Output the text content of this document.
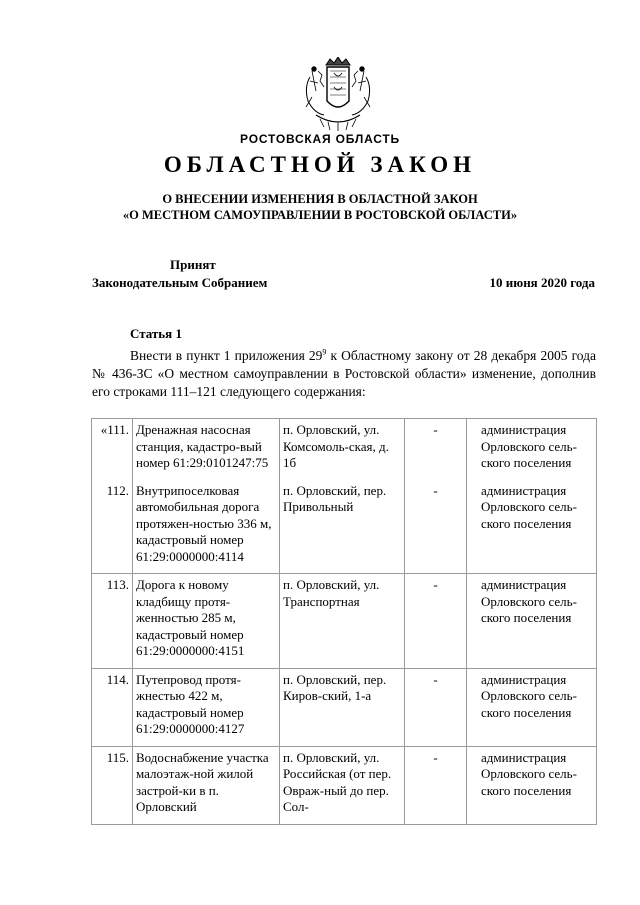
РОСТОВСКАЯ ОБЛАСТЬ
ОБЛАСТНОЙ ЗАКОН
О ВНЕСЕНИИ ИЗМЕНЕНИЯ В ОБЛАСТНОЙ ЗАКОН
«О МЕСТНОМ САМОУПРАВЛЕНИИ В РОСТОВСКОЙ ОБЛАСТИ»
Принят
Законодательным Собранием	10 июня 2020 года
Статья 1
Внести в пункт 1 приложения $29^9$ к Областному закону от 28 декабря 2005 года № 436-ЗС «О местном самоуправлении в Ростовской области» изменение, дополнив его строками 111–121 следующего содержания:
«111.	Дренажная насосная станция, кадастро-вый номер 61:29:0101247:75	п. Орловский, ул. Комсомоль-ская, д. 1б	-	администрация Орловского сель-ского поселения
112.	Внутрипоселковая автомобильная дорога протяжен-ностью 336 м, кадастровый номер 61:29:0000000:4114	п. Орловский, пер. Привольный	-	администрация Орловского сель-ского поселения
113.	Дорога к новому кладбищу протя-женностью 285 м, кадастровый номер 61:29:0000000:4151	п. Орловский, ул. Транспортная	-	администрация Орловского сель-ского поселения
114.	Путепровод протя-жнестью 422 м, кадастровый номер 61:29:0000000:4127	п. Орловский, пер. Киров-ский, 1-а	-	администрация Орловского сель-ского поселения
115.	Водоснабжение участка малоэтаж-ной жилой застрой-ки в п. Орловский	п. Орловский, ул. Российская (от пер. Овраж-ный до пер. Сол-	-	администрация Орловского сель-ского поселения
